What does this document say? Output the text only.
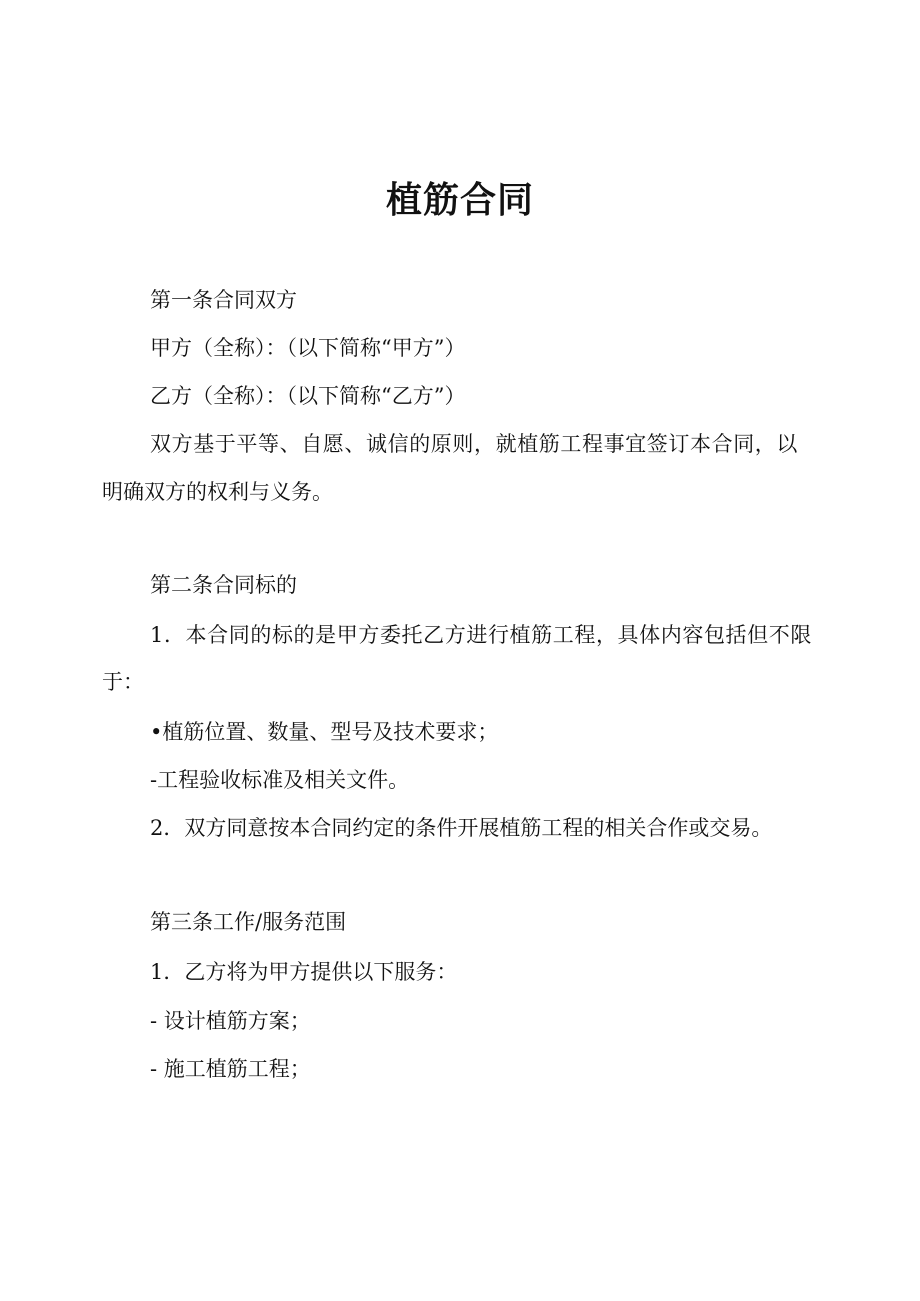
植筋合同
第一条合同双方
甲方（全称）：（以下简称“甲方”）
乙方（全称）：（以下简称“乙方”）
双方基于平等、自愿、诚信的原则，就植筋工程事宜签订本合同，以
明确双方的权利与义务。
第二条合同标的
1．本合同的标的是甲方委托乙方进行植筋工程，具体内容包括但不限
于：
•植筋位置、数量、型号及技术要求；
-工程验收标准及相关文件。
2．双方同意按本合同约定的条件开展植筋工程的相关合作或交易。
第三条工作/服务范围
1．乙方将为甲方提供以下服务：
- 设计植筋方案；
- 施工植筋工程；
